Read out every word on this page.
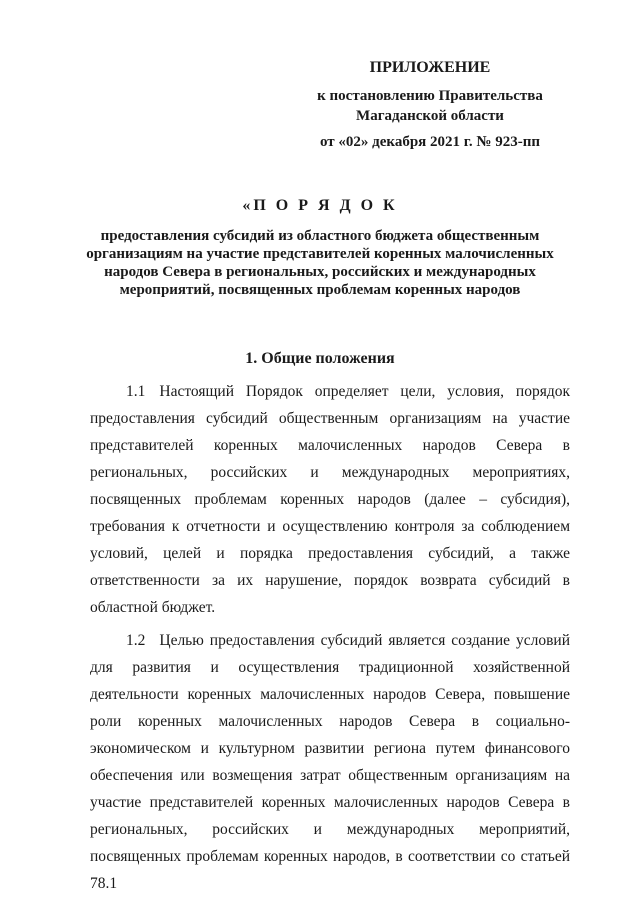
ПРИЛОЖЕНИЕ
к постановлению Правительства
Магаданской области
от «02» декабря 2021 г. № 923-пп
«П О Р Я Д О К
предоставления субсидий из областного бюджета общественным организациям на участие представителей коренных малочисленных народов Севера в региональных, российских и международных мероприятий, посвященных проблемам коренных народов
1. Общие положения

1.1 Настоящий Порядок определяет цели, условия, порядок предоставления субсидий общественным организациям на участие представителей коренных малочисленных народов Севера в региональных, российских и международных мероприятиях, посвященных проблемам коренных народов (далее – субсидия), требования к отчетности и осуществлению контроля за соблюдением условий, целей и порядка предоставления субсидий, а также ответственности за их нарушение, порядок возврата субсидий в областной бюджет.

1.2 Целью предоставления субсидий является создание условий для развития и осуществления традиционной хозяйственной деятельности коренных малочисленных народов Севера, повышение роли коренных малочисленных народов Севера в социально-экономическом и культурном развитии региона путем финансового обеспечения или возмещения затрат общественным организациям на участие представителей коренных малочисленных народов Севера в региональных, российских и международных мероприятий, посвященных проблемам коренных народов, в соответствии со статьей 78.1
